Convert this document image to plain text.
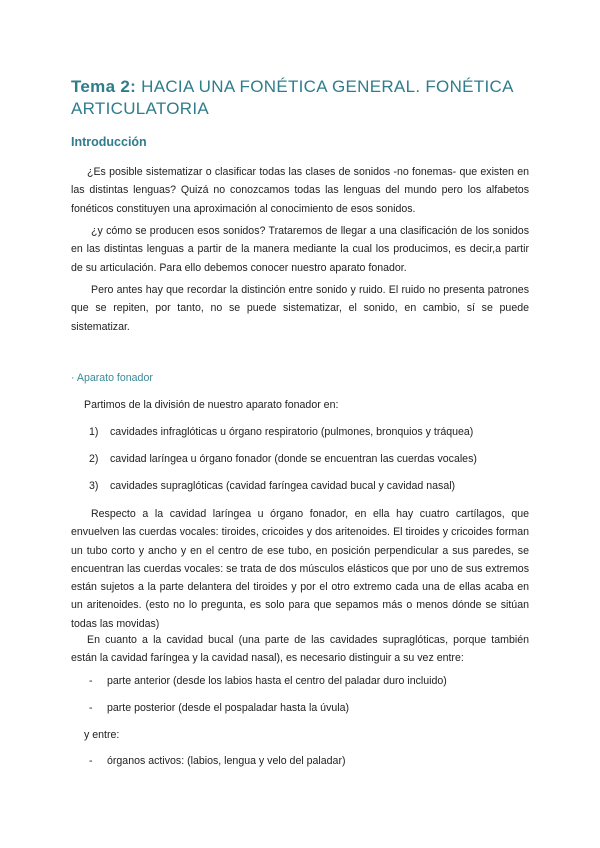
Tema 2: HACIA UNA FONÉTICA GENERAL. FONÉTICA
ARTICULATORIA
Introducción

¿Es posible sistematizar o clasificar todas las clases de sonidos -no fonemas- que existen en las distintas lenguas? Quizá no conozcamos todas las lenguas del mundo pero los alfabetos fonéticos constituyen una aproximación al conocimiento de esos sonidos.

¿y cómo se producen esos sonidos? Trataremos de llegar a una clasificación de los sonidos en las distintas lenguas a partir de la manera mediante la cual los producimos, es decir,a partir de su articulación. Para ello debemos conocer nuestro aparato fonador.

Pero antes hay que recordar la distinción entre sonido y ruido. El ruido no presenta patrones que se repiten, por tanto, no se puede sistematizar, el sonido, en cambio, sí se puede sistematizar.

· Aparato fonador

Partimos de la división de nuestro aparato fonador en:

1) cavidades infraglóticas u órgano respiratorio (pulmones, bronquios y tráquea)
2) cavidad laríngea u órgano fonador (donde se encuentran las cuerdas vocales)
3) cavidades supraglóticas (cavidad faríngea cavidad bucal y cavidad nasal)

Respecto a la cavidad laríngea u órgano fonador, en ella hay cuatro cartílagos, que envuelven las cuerdas vocales: tiroides, cricoides y dos aritenoides. El tiroides y cricoides forman un tubo corto y ancho y en el centro de ese tubo, en posición perpendicular a sus paredes, se encuentran las cuerdas vocales: se trata de dos músculos elásticos que por uno de sus extremos están sujetos a la parte delantera del tiroides y por el otro extremo cada una de ellas acaba en un aritenoides. (esto no lo pregunta, es solo para que sepamos más o menos dónde se sitúan todas las movidas)

En cuanto a la cavidad bucal (una parte de las cavidades supraglóticas, porque también están la cavidad faríngea y la cavidad nasal), es necesario distinguir a su vez entre:

- parte anterior (desde los labios hasta el centro del paladar duro incluido)
- parte posterior (desde el pospaladar hasta la úvula)

y entre:

- órganos activos: (labios, lengua y velo del paladar)
